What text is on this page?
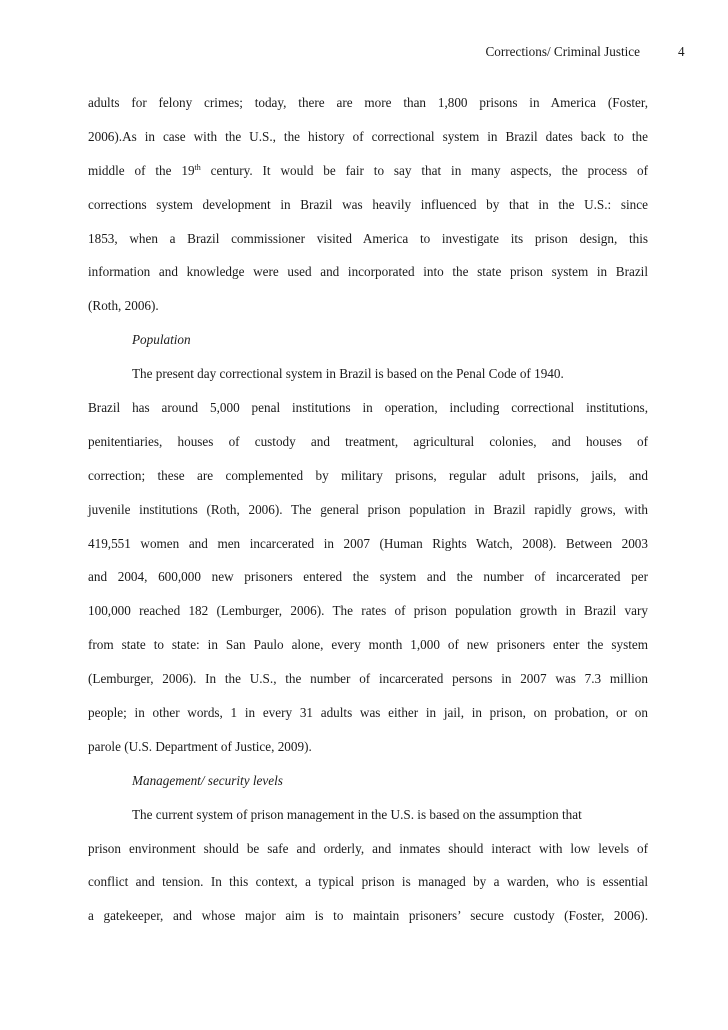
Corrections/ Criminal Justice	4
adults for felony crimes; today, there are more than 1,800 prisons in America (Foster,
2006).As in case with the U.S., the history of correctional system in Brazil dates back to the
middle of the 19th century. It would be fair to say that in many aspects, the process of
corrections system development in Brazil was heavily influenced by that in the U.S.: since
1853, when a Brazil commissioner visited America to investigate its prison design, this
information and knowledge were used and incorporated into the state prison system in Brazil
(Roth, 2006).
Population
The present day correctional system in Brazil is based on the Penal Code of 1940.
Brazil has around 5,000 penal institutions in operation, including correctional institutions,
penitentiaries, houses of custody and treatment, agricultural colonies, and houses of
correction; these are complemented by military prisons, regular adult prisons, jails, and
juvenile institutions (Roth, 2006). The general prison population in Brazil rapidly grows, with
419,551 women and men incarcerated in 2007 (Human Rights Watch, 2008). Between 2003
and 2004, 600,000 new prisoners entered the system and the number of incarcerated per
100,000 reached 182 (Lemburger, 2006). The rates of prison population growth in Brazil vary
from state to state: in San Paulo alone, every month 1,000 of new prisoners enter the system
(Lemburger, 2006). In the U.S., the number of incarcerated persons in 2007 was 7.3 million
people; in other words, 1 in every 31 adults was either in jail, in prison, on probation, or on
parole (U.S. Department of Justice, 2009).
Management/ security levels
The current system of prison management in the U.S. is based on the assumption that
prison environment should be safe and orderly, and inmates should interact with low levels of
conflict and tension. In this context, a typical prison is managed by a warden, who is essential
a gatekeeper, and whose major aim is to maintain prisoners’ secure custody (Foster, 2006).
